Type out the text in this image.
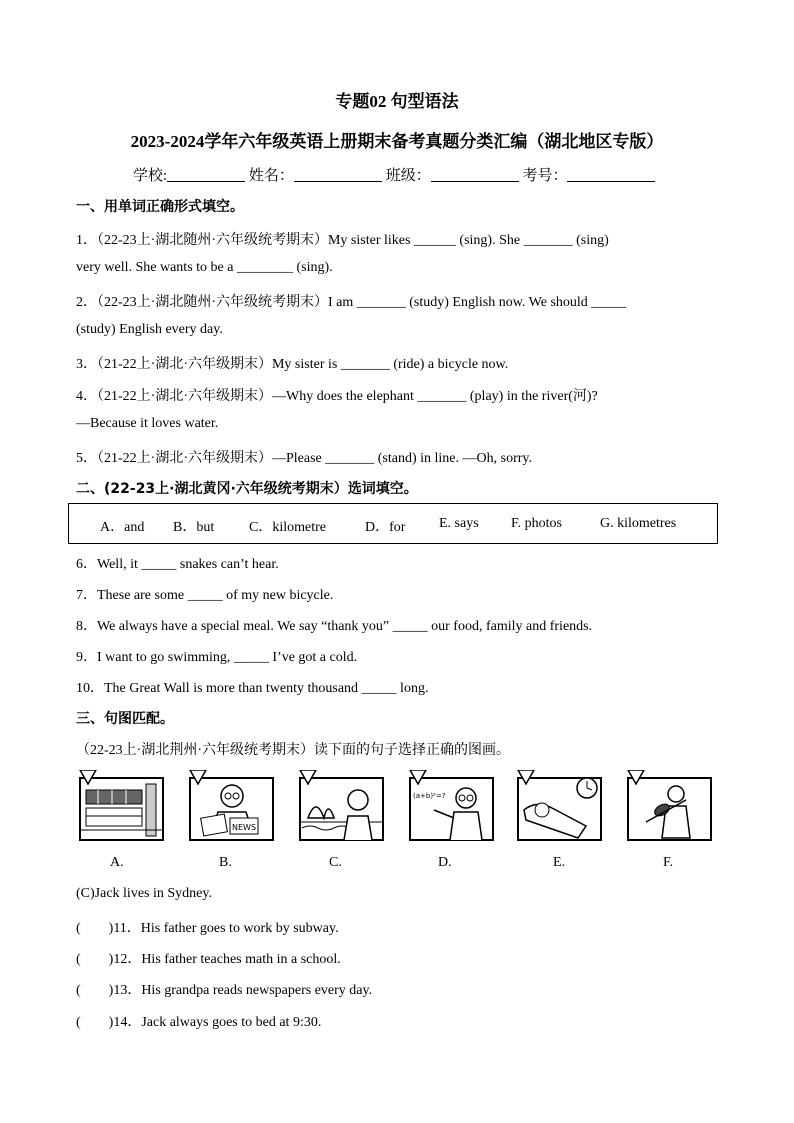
专题02 句型语法
2023-2024学年六年级英语上册期末备考真题分类汇编（湖北地区专版）
学校:	姓名：	班级：	考号：
一、用单词正确形式填空。
1．（22-23上·湖北随州·六年级统考期末）My sister likes ______ (sing). She _______ (sing)
very well. She wants to be a ________ (sing).
2．（22-23上·湖北随州·六年级统考期末）I am _______ (study) English now. We should _____
(study) English every day.
3．（21-22上·湖北·六年级期末）My sister is _______ (ride) a bicycle now.
4．（21-22上·湖北·六年级期末）—Why does the elephant _______ (play) in the river(河)?
—Because it loves water.
5．（21-22上·湖北·六年级期末）—Please _______ (stand) in line. —Oh, sorry.
二、(22-23上·湖北黄冈·六年级统考期末）选词填空。
A．and B．but C．kilometre	D．for E. says F. photos	G. kilometres
6．Well, it _____ snakes can’t hear.
7．These are some _____ of my new bicycle.
8．We always have a special meal. We say “thank you” _____ our food, family and friends.
9．I want to go swimming, _____ I’ve got a cold.
10．The Great Wall is more than twenty thousand _____ long.
三、句图匹配。
（22-23上·湖北荆州·六年级统考期末）读下面的句子选择正确的图画。
NEWS
(a+b)²=?
A.	B.	C.	D.	E.	F.
(C)Jack lives in Sydney.
(        )11．His father goes to work by subway.
(        )12．His father teaches math in a school.
(        )13．His grandpa reads newspapers every day.
(        )14．Jack always goes to bed at 9:30.
